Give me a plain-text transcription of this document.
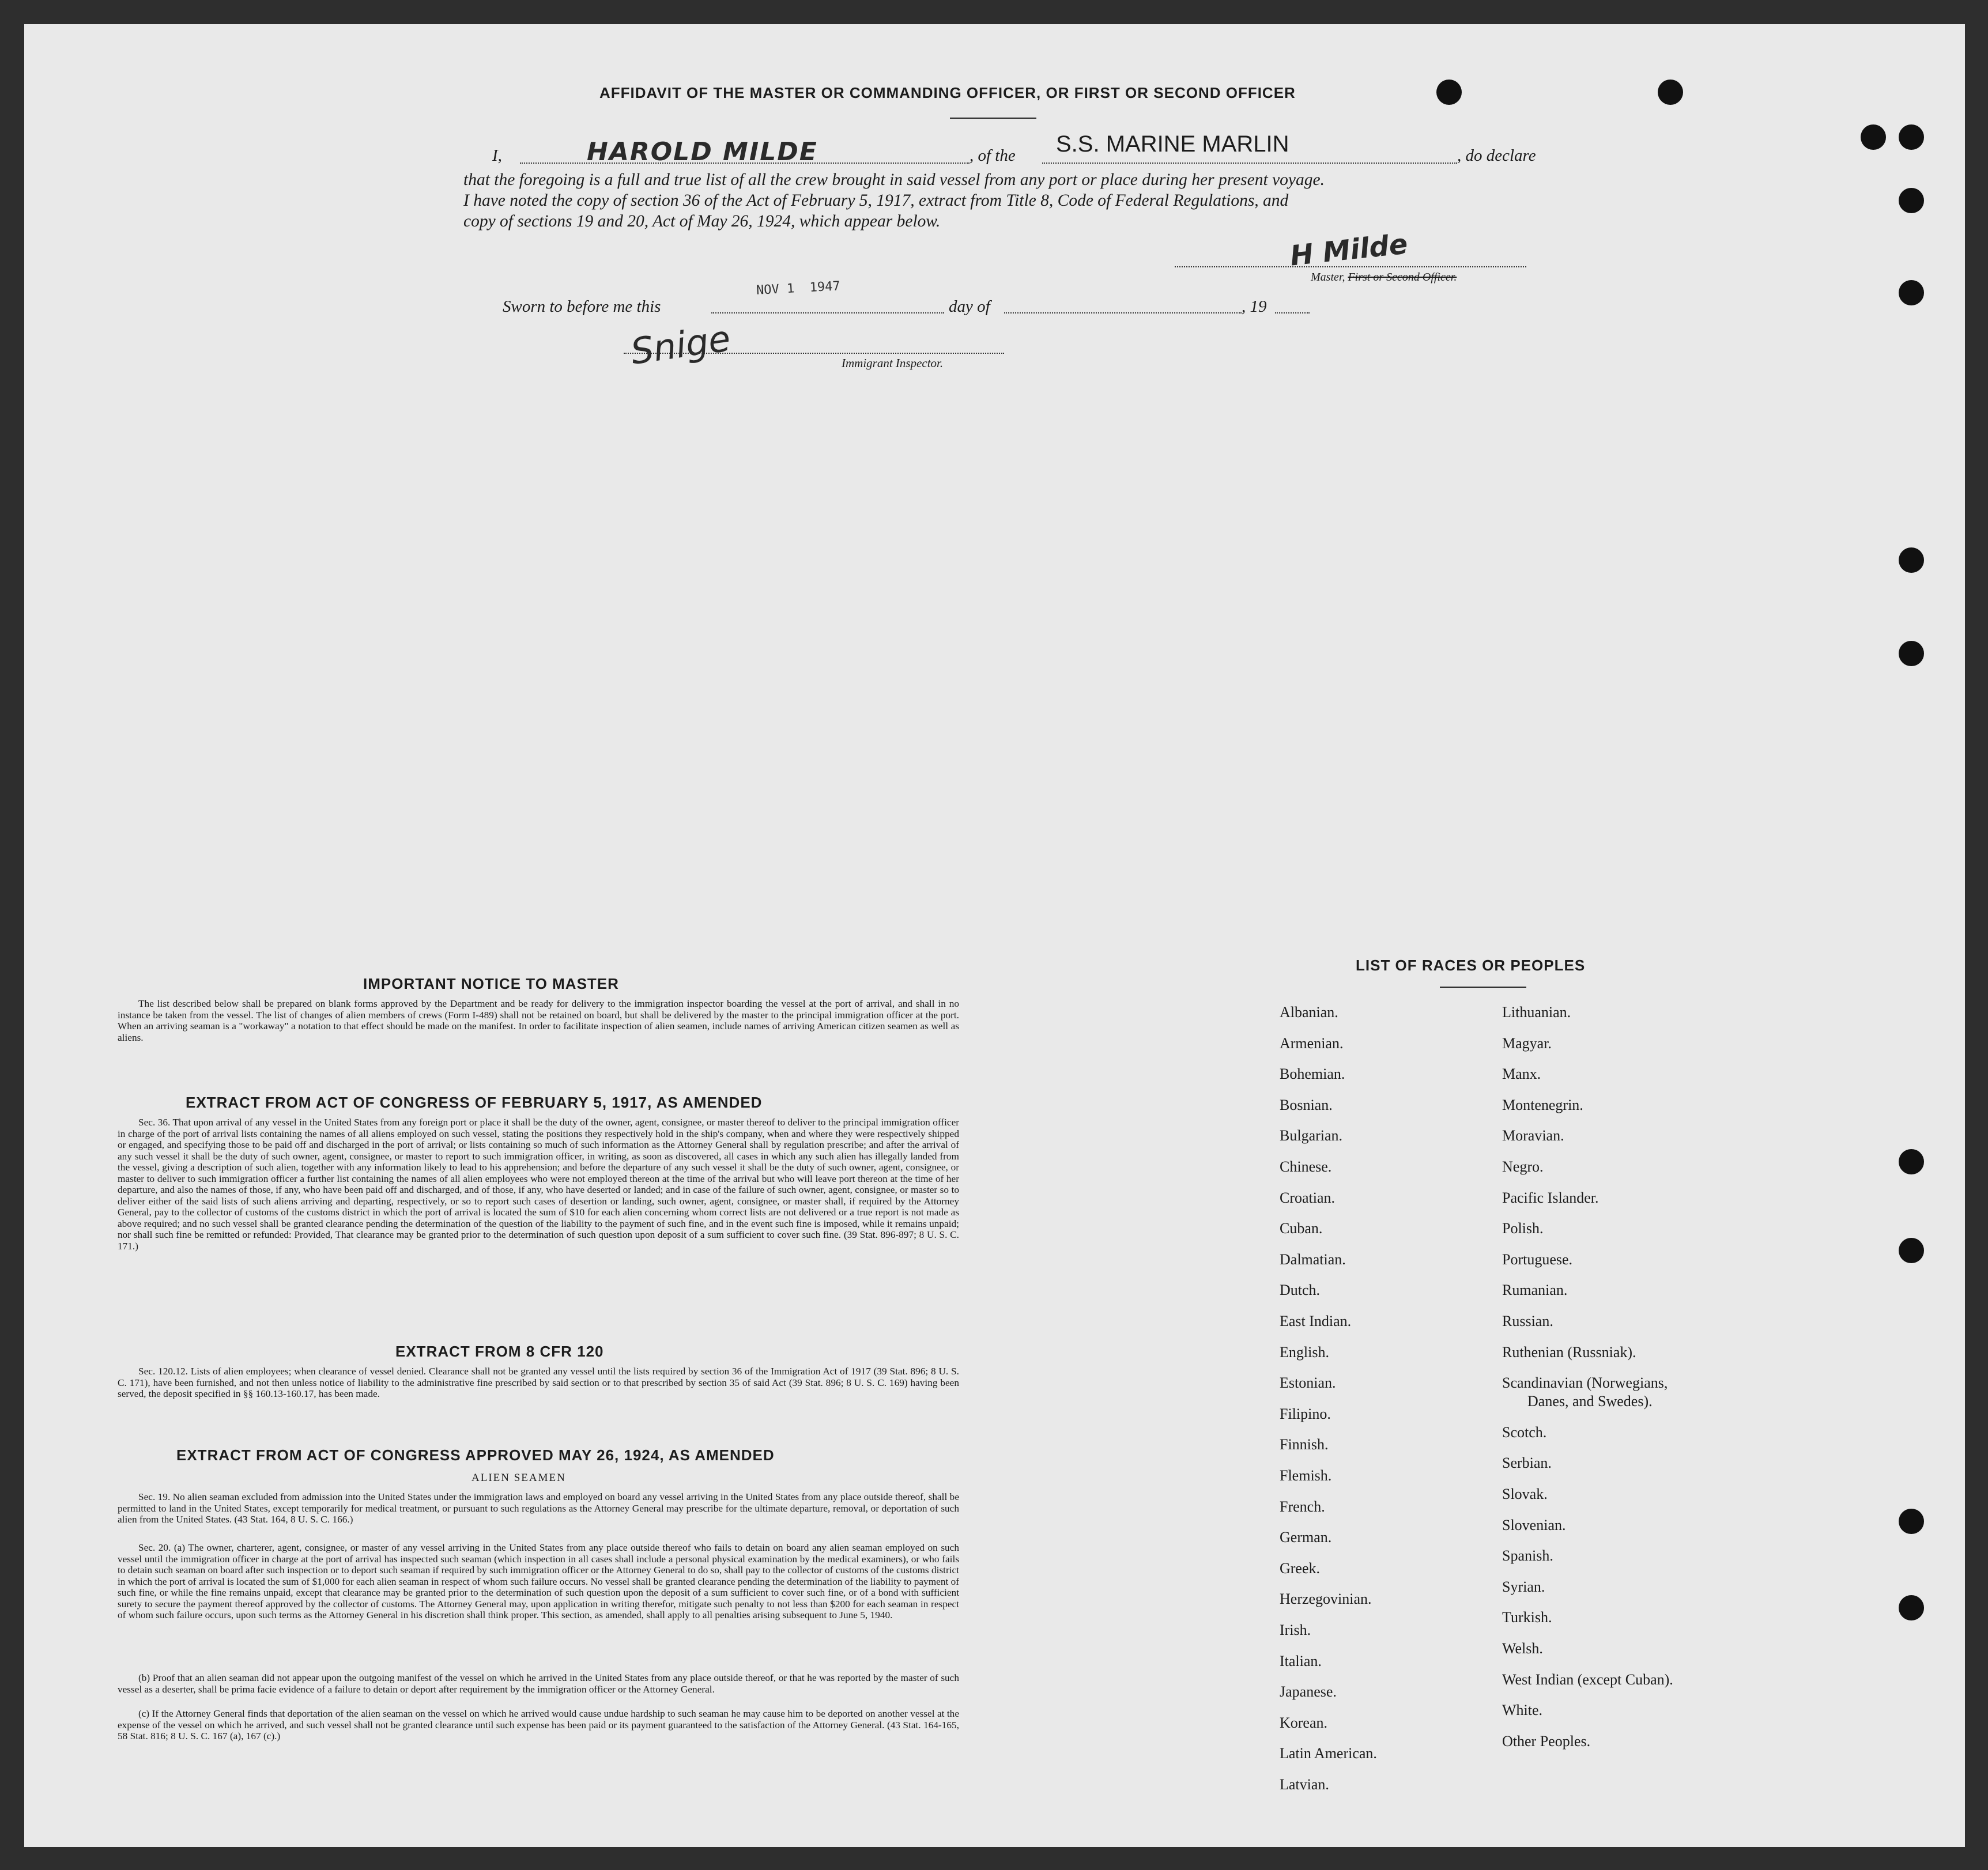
AFFIDAVIT OF THE MASTER OR COMMANDING OFFICER, OR FIRST OR SECOND OFFICER
I,	HAROLD MILDE	, of the S.S. MARINE MARLIN	, do declare
that the foregoing is a full and true list of all the crew brought in said vessel from any port or place during her present voyage.
I have noted the copy of section 36 of the Act of February 5, 1917, extract from Title 8, Code of Federal Regulations, and
copy of sections 19 and 20, Act of May 26, 1924, which appear below.
H Milde
Master, First or Second Officer.
Sworn to before me this
NOV 1  1947
day of	, 19
Snige	Immigrant Inspector.
IMPORTANT NOTICE TO MASTER

The list described below shall be prepared on blank forms approved by the Department and be ready for delivery to the immigration inspector boarding the vessel at the port of arrival, and shall in no instance be taken from the vessel. The list of changes of alien members of crews (Form I-489) shall not be retained on board, but shall be delivered by the master to the principal immigration officer at the port. When an arriving seaman is a "workaway" a notation to that effect should be made on the manifest. In order to facilitate inspection of alien seamen, include names of arriving American citizen seamen as well as aliens.

EXTRACT FROM ACT OF CONGRESS OF FEBRUARY 5, 1917, AS AMENDED

Sec. 36. That upon arrival of any vessel in the United States from any foreign port or place it shall be the duty of the owner, agent, consignee, or master thereof to deliver to the principal immigration officer in charge of the port of arrival lists containing the names of all aliens employed on such vessel, stating the positions they respectively hold in the ship's company, when and where they were respectively shipped or engaged, and specifying those to be paid off and discharged in the port of arrival; or lists containing so much of such information as the Attorney General shall by regulation prescribe; and after the arrival of any such vessel it shall be the duty of such owner, agent, consignee, or master to report to such immigration officer, in writing, as soon as discovered, all cases in which any such alien has illegally landed from the vessel, giving a description of such alien, together with any information likely to lead to his apprehension; and before the departure of any such vessel it shall be the duty of such owner, agent, consignee, or master to deliver to such immigration officer a further list containing the names of all alien employees who were not employed thereon at the time of the arrival but who will leave port thereon at the time of her departure, and also the names of those, if any, who have been paid off and discharged, and of those, if any, who have deserted or landed; and in case of the failure of such owner, agent, consignee, or master so to deliver either of the said lists of such aliens arriving and departing, respectively, or so to report such cases of desertion or landing, such owner, agent, consignee, or master shall, if required by the Attorney General, pay to the collector of customs of the customs district in which the port of arrival is located the sum of $10 for each alien concerning whom correct lists are not delivered or a true report is not made as above required; and no such vessel shall be granted clearance pending the determination of the question of the liability to the payment of such fine, and in the event such fine is imposed, while it remains unpaid; nor shall such fine be remitted or refunded: Provided, That clearance may be granted prior to the determination of such question upon deposit of a sum sufficient to cover such fine. (39 Stat. 896-897; 8 U. S. C. 171.)

EXTRACT FROM 8 CFR 120

Sec. 120.12. Lists of alien employees; when clearance of vessel denied. Clearance shall not be granted any vessel until the lists required by section 36 of the Immigration Act of 1917 (39 Stat. 896; 8 U. S. C. 171), have been furnished, and not then unless notice of liability to the administrative fine prescribed by said section or to that prescribed by section 35 of said Act (39 Stat. 896; 8 U. S. C. 169) having been served, the deposit specified in §§ 160.13-160.17, has been made.

EXTRACT FROM ACT OF CONGRESS APPROVED MAY 26, 1924, AS AMENDED
ALIEN SEAMEN

Sec. 19. No alien seaman excluded from admission into the United States under the immigration laws and employed on board any vessel arriving in the United States from any place outside thereof, shall be permitted to land in the United States, except temporarily for medical treatment, or pursuant to such regulations as the Attorney General may prescribe for the ultimate departure, removal, or deportation of such alien from the United States. (43 Stat. 164, 8 U. S. C. 166.)

Sec. 20. (a) The owner, charterer, agent, consignee, or master of any vessel arriving in the United States from any place outside thereof who fails to detain on board any alien seaman employed on such vessel until the immigration officer in charge at the port of arrival has inspected such seaman (which inspection in all cases shall include a personal physical examination by the medical examiners), or who fails to detain such seaman on board after such inspection or to deport such seaman if required by such immigration officer or the Attorney General to do so, shall pay to the collector of customs of the customs district in which the port of arrival is located the sum of $1,000 for each alien seaman in respect of whom such failure occurs. No vessel shall be granted clearance pending the determination of the liability to payment of such fine, or while the fine remains unpaid, except that clearance may be granted prior to the determination of such question upon the deposit of a sum sufficient to cover such fine, or of a bond with sufficient surety to secure the payment thereof approved by the collector of customs. The Attorney General may, upon application in writing therefor, mitigate such penalty to not less than $200 for each seaman in respect of whom such failure occurs, upon such terms as the Attorney General in his discretion shall think proper. This section, as amended, shall apply to all penalties arising subsequent to June 5, 1940.

(b) Proof that an alien seaman did not appear upon the outgoing manifest of the vessel on which he arrived in the United States from any place outside thereof, or that he was reported by the master of such vessel as a deserter, shall be prima facie evidence of a failure to detain or deport after requirement by the immigration officer or the Attorney General.

(c) If the Attorney General finds that deportation of the alien seaman on the vessel on which he arrived would cause undue hardship to such seaman he may cause him to be deported on another vessel at the expense of the vessel on which he arrived, and such vessel shall not be granted clearance until such expense has been paid or its payment guaranteed to the satisfaction of the Attorney General. (43 Stat. 164-165, 58 Stat. 816; 8 U. S. C. 167 (a), 167 (c).)

LIST OF RACES OR PEOPLES
Albanian.
Armenian.
Bohemian.
Bosnian.
Bulgarian.
Chinese.
Croatian.
Cuban.
Dalmatian.
Dutch.
East Indian.
English.
Estonian.
Filipino.
Finnish.
Flemish.
French.
German.
Greek.
Herzegovinian.
Irish.
Italian.
Japanese.
Korean.
Latin American.
Latvian.
Lithuanian.
Magyar.
Manx.
Montenegrin.
Moravian.
Negro.
Pacific Islander.
Polish.
Portuguese.
Rumanian.
Russian.
Ruthenian (Russniak).
Scandinavian (Norwegians,
Danes, and Swedes).
Scotch.
Serbian.
Slovak.
Slovenian.
Spanish.
Syrian.
Turkish.
Welsh.
West Indian (except Cuban).
White.
Other Peoples.
